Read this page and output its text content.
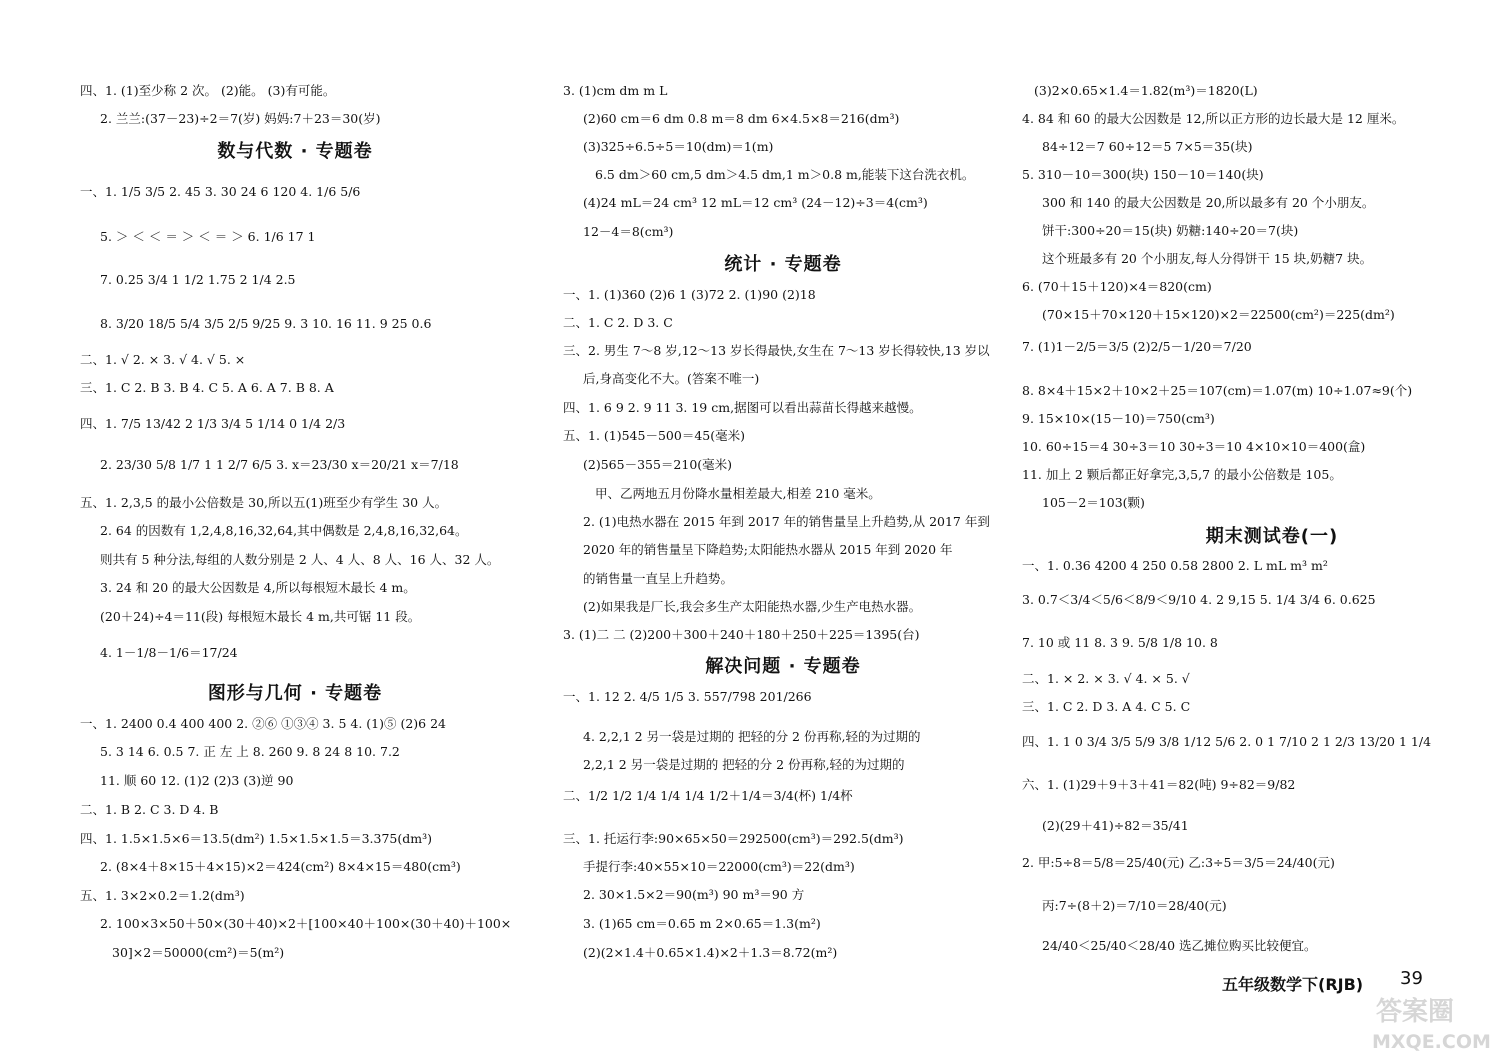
四、1. (1)至少称 2 次。 (2)能。 (3)有可能。
2. 兰兰:(37－23)÷2＝7(岁) 妈妈:7＋23＝30(岁)
数与代数 · 专题卷
一、1. 1/5 3/5 2. 45 3. 30 24 6 120 4. 1/6 5/6
5. ＞ ＜ ＜ ＝ ＞ ＜ ＝ ＞ 6. 1/6 17 1
7. 0.25 3/4 1 1/2 1.75 2 1/4 2.5
8. 3/20 18/5 5/4 3/5 2/5 9/25 9. 3 10. 16 11. 9 25 0.6
二、1. √ 2. × 3. √ 4. √ 5. ×
三、1. C 2. B 3. B 4. C 5. A 6. A 7. B 8. A
四、1. 7/5 13/42 2 1/3 3/4 5 1/14 0 1/4 2/3
2. 23/30 5/8 1/7 1 1 2/7 6/5 3. x＝23/30 x＝20/21 x＝7/18
五、1. 2,3,5 的最小公倍数是 30,所以五(1)班至少有学生 30 人。
2. 64 的因数有 1,2,4,8,16,32,64,其中偶数是 2,4,8,16,32,64。
则共有 5 种分法,每组的人数分别是 2 人、4 人、8 人、16 人、32 人。
3. 24 和 20 的最大公因数是 4,所以每根短木最长 4 m。
(20＋24)÷4＝11(段) 每根短木最长 4 m,共可锯 11 段。
4. 1－1/8－1/6＝17/24
图形与几何 · 专题卷
一、1. 2400 0.4 400 400 2. ②⑥ ①③④ 3. 5 4. (1)⑤ (2)6 24
5. 3 14 6. 0.5 7. 正 左 上 8. 260 9. 8 24 8 10. 7.2
11. 顺 60 12. (1)2 (2)3 (3)逆 90
二、1. B 2. C 3. D 4. B
四、1. 1.5×1.5×6＝13.5(dm²) 1.5×1.5×1.5＝3.375(dm³)
2. (8×4＋8×15＋4×15)×2＝424(cm²) 8×4×15＝480(cm³)
五、1. 3×2×0.2＝1.2(dm³)
2. 100×3×50＋50×(30＋40)×2＋[100×40＋100×(30＋40)＋100×
30]×2＝50000(cm²)＝5(m²)
3. (1)cm dm m L
(2)60 cm＝6 dm 0.8 m＝8 dm 6×4.5×8＝216(dm³)
(3)325÷6.5÷5＝10(dm)＝1(m)
6.5 dm＞60 cm,5 dm＞4.5 dm,1 m＞0.8 m,能装下这台洗衣机。
(4)24 mL＝24 cm³ 12 mL＝12 cm³ (24－12)÷3＝4(cm³)
12－4＝8(cm³)
统计 · 专题卷
一、1. (1)360 (2)6 1 (3)72 2. (1)90 (2)18
二、1. C 2. D 3. C
三、2. 男生 7～8 岁,12～13 岁长得最快,女生在 7～13 岁长得较快,13 岁以
后,身高变化不大。(答案不唯一)
四、1. 6 9 2. 9 11 3. 19 cm,据图可以看出蒜苗长得越来越慢。
五、1. (1)545－500＝45(毫米)
(2)565－355＝210(毫米)
甲、乙两地五月份降水量相差最大,相差 210 毫米。
2. (1)电热水器在 2015 年到 2017 年的销售量呈上升趋势,从 2017 年到
2020 年的销售量呈下降趋势;太阳能热水器从 2015 年到 2020 年
的销售量一直呈上升趋势。
(2)如果我是厂长,我会多生产太阳能热水器,少生产电热水器。
3. (1)二 二 (2)200＋300＋240＋180＋250＋225＝1395(台)
解决问题 · 专题卷
一、1. 12 2. 4/5 1/5 3. 557/798 201/266
4. 2,2,1 2 另一袋是过期的 把轻的分 2 份再称,轻的为过期的
2,2,1 2 另一袋是过期的 把轻的分 2 份再称,轻的为过期的
二、1/2 1/2 1/4 1/4 1/4 1/2＋1/4＝3/4(杯) 1/4杯
三、1. 托运行李:90×65×50＝292500(cm³)＝292.5(dm³)
手提行李:40×55×10＝22000(cm³)＝22(dm³)
2. 30×1.5×2＝90(m³) 90 m³＝90 方
3. (1)65 cm＝0.65 m 2×0.65＝1.3(m²)
(2)(2×1.4＋0.65×1.4)×2＋1.3＝8.72(m²)
(3)2×0.65×1.4＝1.82(m³)＝1820(L)
4. 84 和 60 的最大公因数是 12,所以正方形的边长最大是 12 厘米。
84÷12＝7 60÷12＝5 7×5＝35(块)
5. 310－10＝300(块) 150－10＝140(块)
300 和 140 的最大公因数是 20,所以最多有 20 个小朋友。
饼干:300÷20＝15(块) 奶糖:140÷20＝7(块)
这个班最多有 20 个小朋友,每人分得饼干 15 块,奶糖7 块。
6. (70＋15＋120)×4＝820(cm)
(70×15＋70×120＋15×120)×2＝22500(cm²)＝225(dm²)
7. (1)1－2/5＝3/5 (2)2/5－1/20＝7/20
8. 8×4＋15×2＋10×2＋25＝107(cm)＝1.07(m) 10÷1.07≈9(个)
9. 15×10×(15－10)＝750(cm³)
10. 60÷15＝4 30÷3＝10 30÷3＝10 4×10×10＝400(盒)
11. 加上 2 颗后都正好拿完,3,5,7 的最小公倍数是 105。
105－2＝103(颗)
期末测试卷(一)
一、1. 0.36 4200 4 250 0.58 2800 2. L mL m³ m²
3. 0.7＜3/4＜5/6＜8/9＜9/10 4. 2 9,15 5. 1/4 3/4 6. 0.625
7. 10 或 11 8. 3 9. 5/8 1/8 10. 8
二、1. × 2. × 3. √ 4. × 5. √
三、1. C 2. D 3. A 4. C 5. C
四、1. 1 0 3/4 3/5 5/9 3/8 1/12 5/6 2. 0 1 7/10 2 1 2/3 13/20 1 1/4
六、1. (1)29＋9＋3＋41＝82(吨) 9÷82＝9/82
(2)(29＋41)÷82＝35/41
2. 甲:5÷8＝5/8＝25/40(元) 乙:3÷5＝3/5＝24/40(元)
丙:7÷(8＋2)＝7/10＝28/40(元)
24/40＜25/40＜28/40 选乙摊位购买比较便宜。
五年级数学下(RJB) 39
答案圈
MXQE.COM
